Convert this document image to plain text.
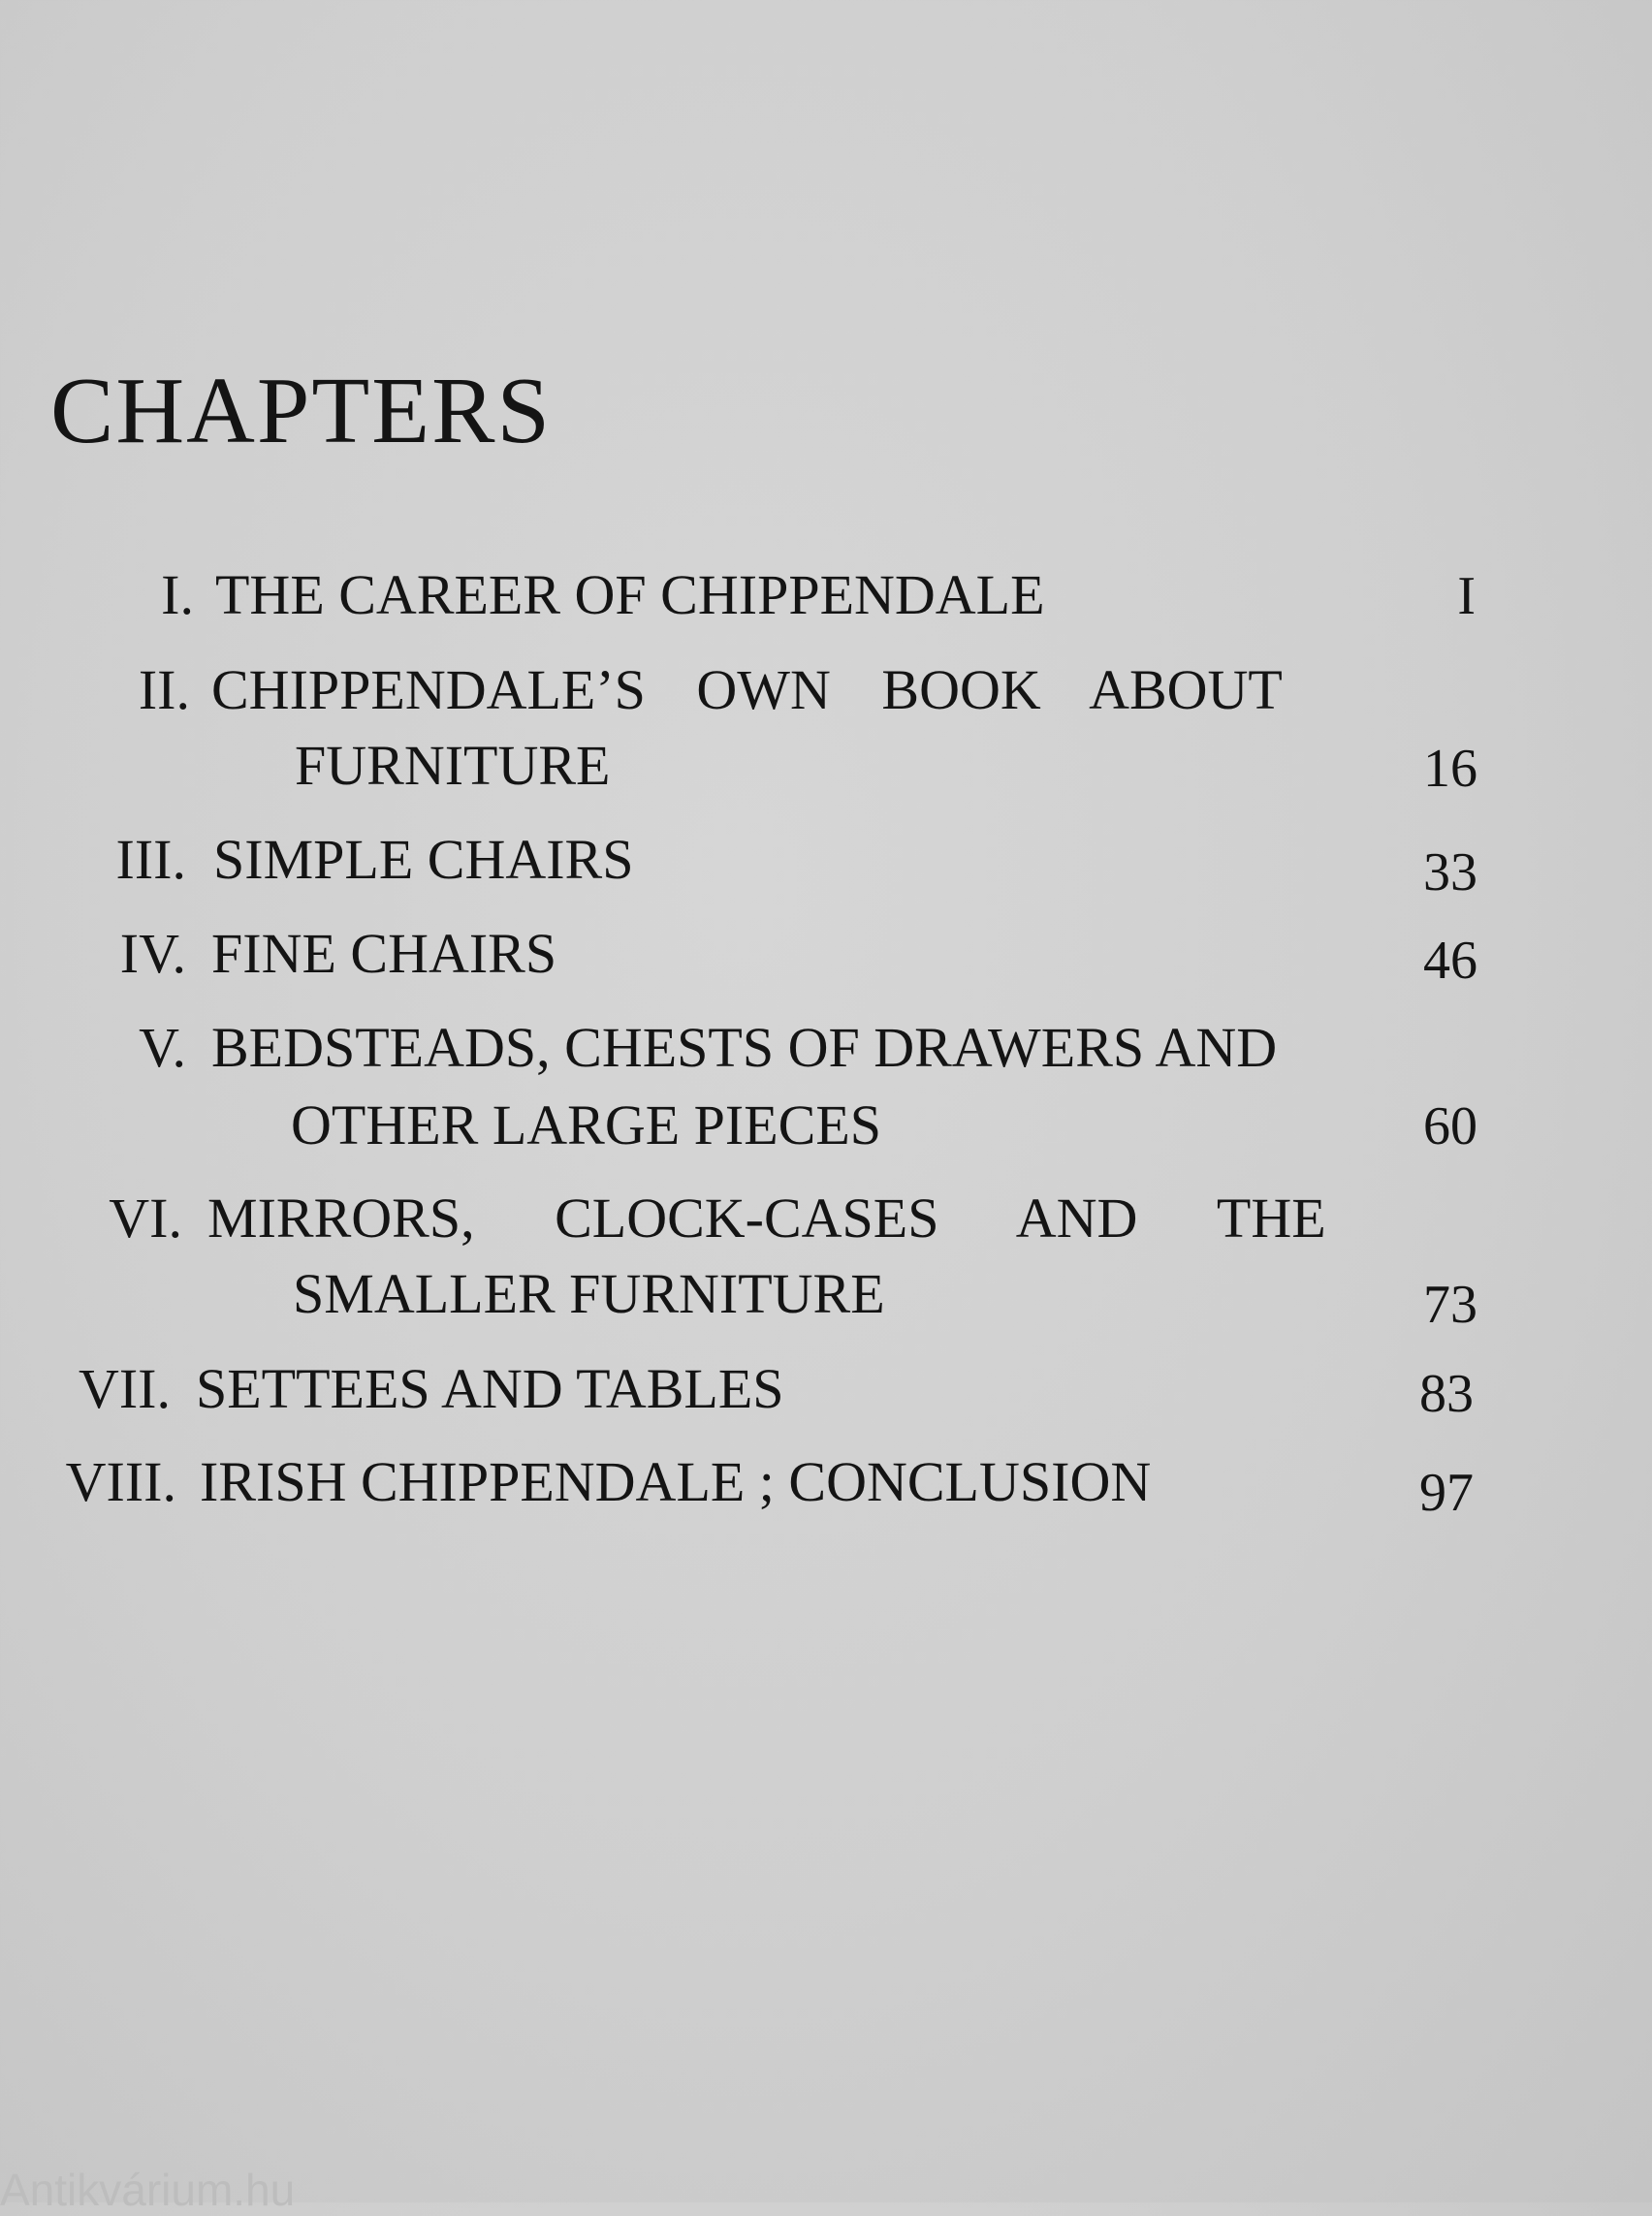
CHAPTERS
I. THE CAREER OF CHIPPENDALE	I
II. CHIPPENDALE’S OWN BOOK ABOUT
FURNITURE	16
III. SIMPLE CHAIRS	33
IV. FINE CHAIRS	46
V. BEDSTEADS, CHESTS OF DRAWERS AND
OTHER LARGE PIECES	60
VI. MIRRORS, CLOCK-CASES AND THE
SMALLER FURNITURE	73
VII. SETTEES AND TABLES	83
VIII. IRISH CHIPPENDALE ; CONCLUSION	97
Antikvárium.hu
